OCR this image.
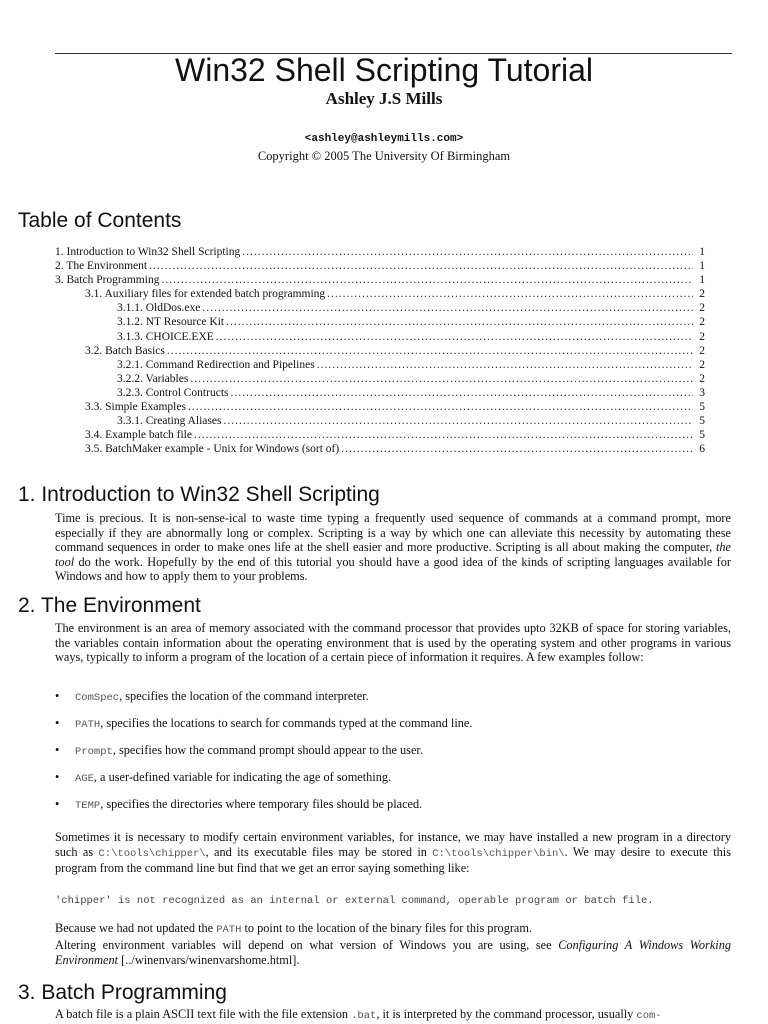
Win32 Shell Scripting Tutorial
Ashley J.S Mills
<ashley@ashleymills.com>
Copyright © 2005 The University Of Birmingham
Table of Contents
1. Introduction to Win32 Shell Scripting .....	1
2. The Environment .....	1
3. Batch Programming .....	1
3.1. Auxiliary files for extended batch programming .....	2
3.1.1. OldDos.exe .....	2
3.1.2. NT Resource Kit .....	2
3.1.3. CHOICE.EXE .....	2
3.2. Batch Basics .....	2
3.2.1. Command Redirection and Pipelines .....	2
3.2.2. Variables .....	2
3.2.3. Control Contructs .....	3
3.3. Simple Examples .....	5
3.3.1. Creating Aliases .....	5
3.4. Example batch file .....	5
3.5. BatchMaker example - Unix for Windows (sort of) .....	6
1. Introduction to Win32 Shell Scripting
Time is precious. It is non-sense-ical to waste time typing a frequently used sequence of commands at a command prompt, more especially if they are abnormally long or complex. Scripting is a way by which one can alleviate this necessity by automating these command sequences in order to make ones life at the shell easier and more productive. Scripting is all about making the computer, the tool do the work. Hopefully by the end of this tutorial you should have a good idea of the kinds of scripting languages available for Windows and how to apply them to your problems.
2. The Environment
The environment is an area of memory associated with the command processor that provides upto 32KB of space for storing variables, the variables contain information about the operating environment that is used by the operating system and other programs in various ways, typically to inform a program of the location of a certain piece of information it requires. A few examples follow:
• ComSpec, specifies the location of the command interpreter.
• PATH, specifies the locations to search for commands typed at the command line.
• Prompt, specifies how the command prompt should appear to the user.
• AGE, a user-defined variable for indicating the age of something.
• TEMP, specifies the directories where temporary files should be placed.
Sometimes it is necessary to modify certain environment variables, for instance, we may have installed a new program in a directory such as C:\tools\chipper\, and its executable files may be stored in C:\tools\chipper\bin\. We may desire to execute this program from the command line but find that we get an error saying something like:
'chipper' is not recognized as an internal or external command, operable program or batch file.
Because we had not updated the PATH to point to the location of the binary files for this program.
Altering environment variables will depend on what version of Windows you are using, see Configuring A Windows Working Environment [../winenvars/winenvarshome.html].
3. Batch Programming
A batch file is a plain ASCII text file with the file extension .bat, it is interpreted by the command processor, usually com-
